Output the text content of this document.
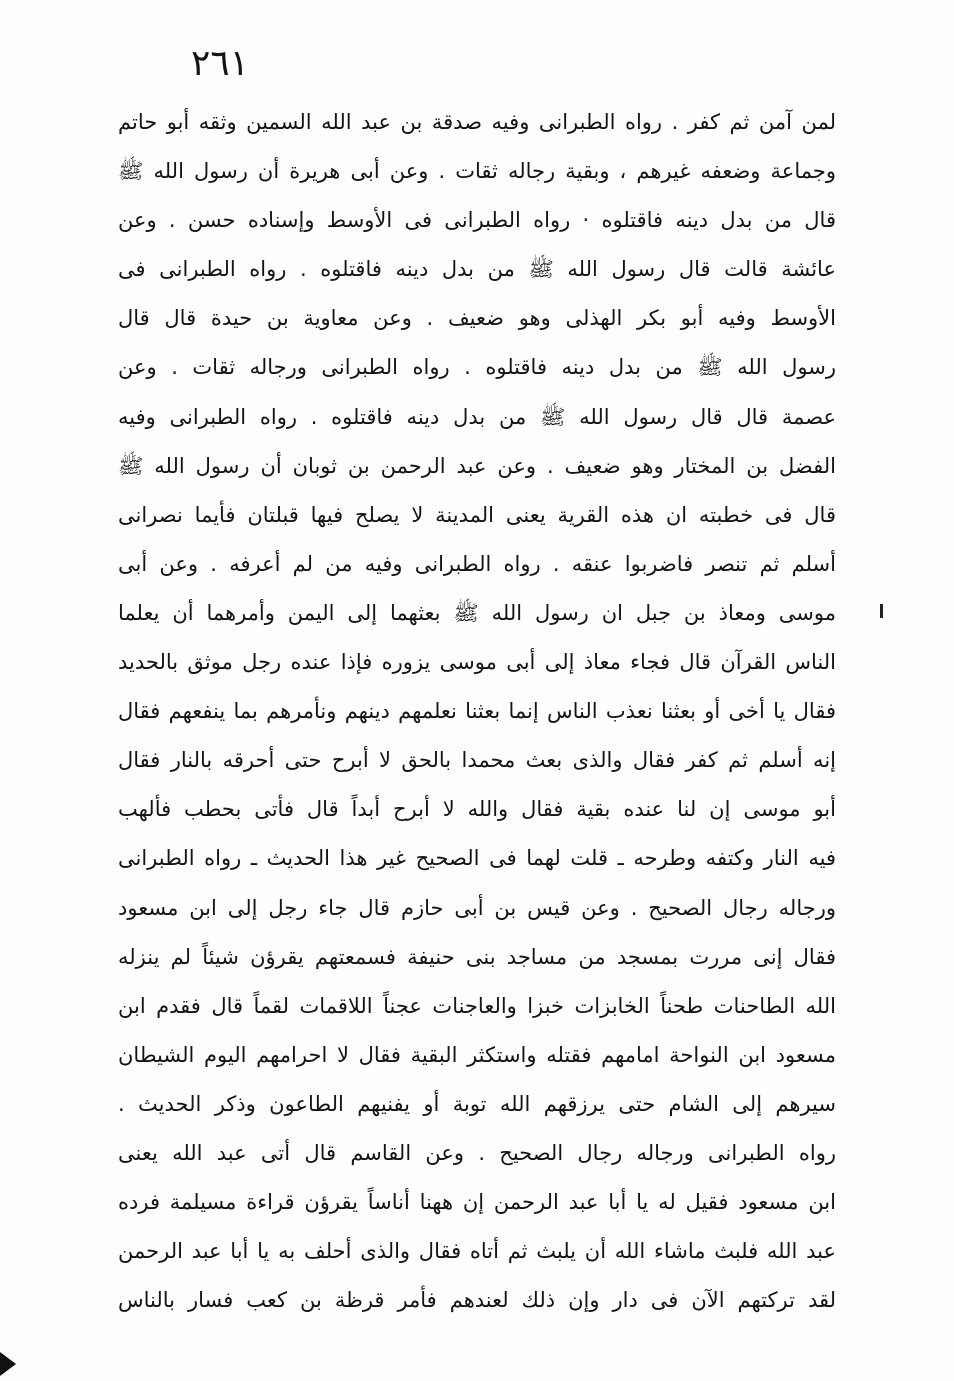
٢٦١
لمن آمن ثم كفر . رواه الطبرانى وفيه صدقة بن عبد الله السمين وثقه أبو حاتم
وجماعة وضعفه غيرهم ، وبقية رجاله ثقات . وعن أبى هريرة أن رسول الله ﷺ
قال من بدل دينه فاقتلوه · رواه الطبرانى فى الأوسط وإسناده حسن . وعن
عائشة قالت قال رسول الله ﷺ من بدل دينه فاقتلوه . رواه الطبرانى فى
الأوسط وفيه أبو بكر الهذلى وهو ضعيف . وعن معاوية بن حيدة قال قال
رسول الله ﷺ من بدل دينه فاقتلوه . رواه الطبرانى ورجاله ثقات . وعن
عصمة قال قال رسول الله ﷺ من بدل دينه فاقتلوه . رواه الطبرانى وفيه
الفضل بن المختار وهو ضعيف . وعن عبد الرحمن بن ثوبان أن رسول الله ﷺ
قال فى خطبته ان هذه القرية يعنى المدينة لا يصلح فيها قبلتان فأيما نصرانى
أسلم ثم تنصر فاضربوا عنقه . رواه الطبرانى وفيه من لم أعرفه . وعن أبى
موسى ومعاذ بن جبل ان رسول الله ﷺ بعثهما إلى اليمن وأمرهما أن يعلما
الناس القرآن قال فجاء معاذ إلى أبى موسى يزوره فإذا عنده رجل موثق بالحديد
فقال يا أخى أو بعثنا نعذب الناس إنما بعثنا نعلمهم دينهم ونأمرهم بما ينفعهم فقال
إنه أسلم ثم كفر فقال والذى بعث محمدا بالحق لا أبرح حتى أحرقه بالنار فقال
أبو موسى إن لنا عنده بقية فقال والله لا أبرح أبداً قال فأتى بحطب فألهب
فيه النار وكتفه وطرحه ـ قلت لهما فى الصحيح غير هذا الحديث ـ رواه الطبرانى
ورجاله رجال الصحيح . وعن قيس بن أبى حازم قال جاء رجل إلى ابن مسعود
فقال إنى مررت بمسجد من مساجد بنى حنيفة فسمعتهم يقرؤن شيئاً لم ينزله
الله الطاحنات طحناً الخابزات خبزا والعاجنات عجناً اللاقمات لقماً قال فقدم ابن
مسعود ابن النواحة امامهم فقتله واستكثر البقية فقال لا احرامهم اليوم الشيطان
سيرهم إلى الشام حتى يرزقهم الله توبة أو يفنيهم الطاعون وذكر الحديث .
رواه الطبرانى ورجاله رجال الصحيح . وعن القاسم قال أتى عبد الله يعنى
ابن مسعود فقيل له يا أبا عبد الرحمن إن ههنا أناساً يقرؤن قراءة مسيلمة فرده
عبد الله فلبث ماشاء الله أن يلبث ثم أتاه فقال والذى أحلف به يا أبا عبد الرحمن
لقد تركتهم الآن فى دار وإن ذلك لعندهم فأمر قرظة بن كعب فسار بالناس
